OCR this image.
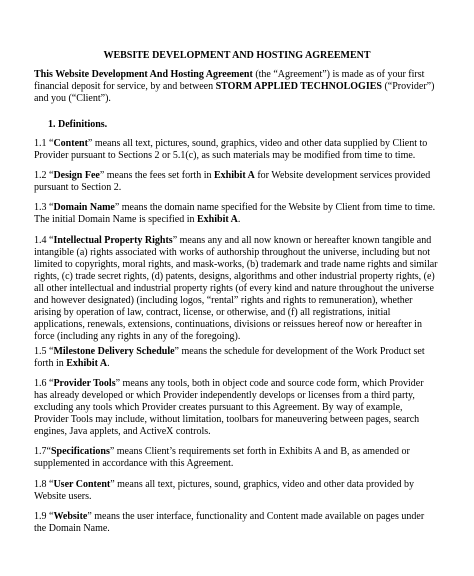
WEBSITE DEVELOPMENT AND HOSTING AGREEMENT
This Website Development And Hosting Agreement (the “Agreement”) is made as of your first
financial deposit for service, by and between STORM APPLIED TECHNOLOGIES (“Provider”)
and you (“Client”).
1. Definitions.
1.1 “Content” means all text, pictures, sound, graphics, video and other data supplied by Client to
Provider pursuant to Sections 2 or 5.1(c), as such materials may be modified from time to time.
1.2 “Design Fee” means the fees set forth in Exhibit A for Website development services provided
pursuant to Section 2.
1.3 “Domain Name” means the domain name specified for the Website by Client from time to time.
The initial Domain Name is specified in Exhibit A.
1.4 “Intellectual Property Rights” means any and all now known or hereafter known tangible and
intangible (a) rights associated with works of authorship throughout the universe, including but not
limited to copyrights, moral rights, and mask-works, (b) trademark and trade name rights and similar
rights, (c) trade secret rights, (d) patents, designs, algorithms and other industrial property rights, (e)
all other intellectual and industrial property rights (of every kind and nature throughout the universe
and however designated) (including logos, “rental” rights and rights to remuneration), whether
arising by operation of law, contract, license, or otherwise, and (f) all registrations, initial
applications, renewals, extensions, continuations, divisions or reissues hereof now or hereafter in
force (including any rights in any of the foregoing).
1.5 “Milestone Delivery Schedule” means the schedule for development of the Work Product set
forth in Exhibit A.
1.6 “Provider Tools” means any tools, both in object code and source code form, which Provider
has already developed or which Provider independently develops or licenses from a third party,
excluding any tools which Provider creates pursuant to this Agreement. By way of example,
Provider Tools may include, without limitation, toolbars for maneuvering between pages, search
engines, Java applets, and ActiveX controls.
1.7“Specifications” means Client’s requirements set forth in Exhibits A and B, as amended or
supplemented in accordance with this Agreement.
1.8 “User Content” means all text, pictures, sound, graphics, video and other data provided by
Website users.
1.9 “Website” means the user interface, functionality and Content made available on pages under
the Domain Name.
